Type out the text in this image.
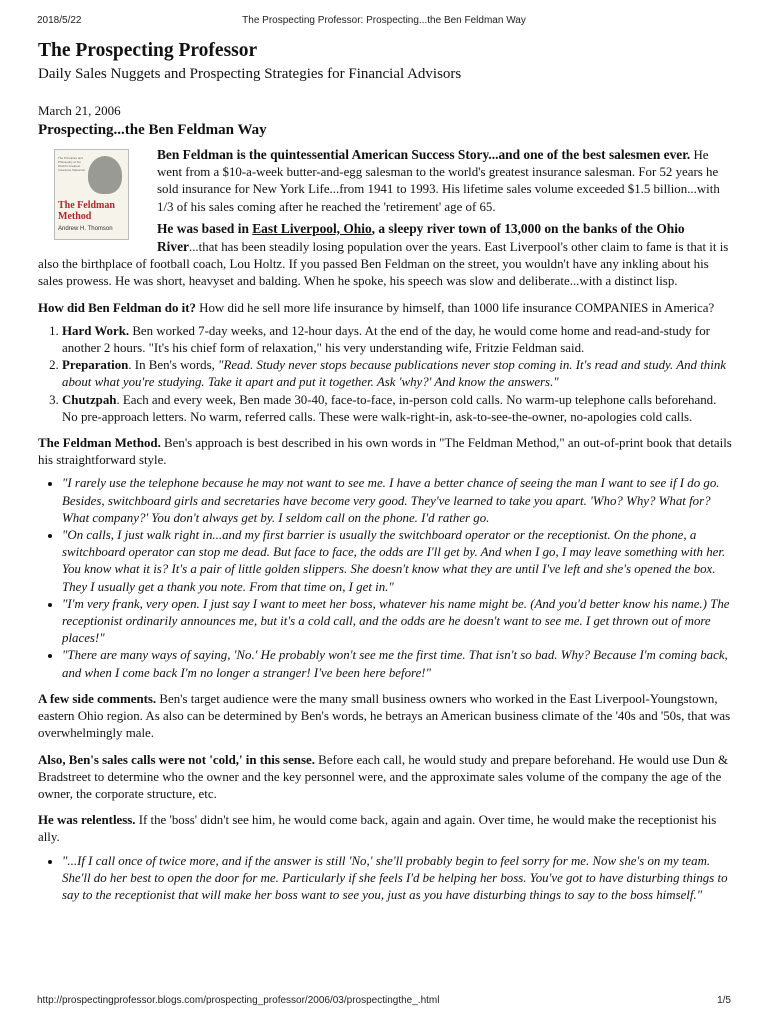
2018/5/22	The Prospecting Professor: Prospecting...the Ben Feldman Way
The Prospecting Professor
Daily Sales Nuggets and Prospecting Strategies for Financial Advisors
March 21, 2006
Prospecting...the Ben Feldman Way
The Principles and Philosophy of the World's Greatest Insurance Salesman
The Feldman Method
Andrew H. Thomson

Ben Feldman is the quintessential American Success Story...and one of the best salesmen ever. He went from a $10-a-week butter-and-egg salesman to the world's greatest insurance salesman. For 52 years he sold insurance for New York Life...from 1941 to 1993. His lifetime sales volume exceeded $1.5 billion...with 1/3 of his sales coming after he reached the 'retirement' age of 65.

He was based in East Liverpool, Ohio, a sleepy river town of 13,000 on the banks of the Ohio River...that has been steadily losing population over the years. East Liverpool's other claim to fame is that it is also the birthplace of football coach, Lou Holtz. If you passed Ben Feldman on the street, you wouldn't have any inkling about his sales prowess. He was short, heavyset and balding. When he spoke, his speech was slow and deliberate...with a distinct lisp.

How did Ben Feldman do it? How did he sell more life insurance by himself, than 1000 life insurance COMPANIES in America?

1. Hard Work. Ben worked 7-day weeks, and 12-hour days. At the end of the day, he would come home and read-and-study for another 2 hours. "It's his chief form of relaxation," his very understanding wife, Fritzie Feldman said.
2. Preparation. In Ben's words, "Read. Study never stops because publications never stop coming in. It's read and study. And think about what you're studying. Take it apart and put it together. Ask 'why?' And know the answers."
3. Chutzpah. Each and every week, Ben made 30-40, face-to-face, in-person cold calls. No warm-up telephone calls beforehand. No pre-approach letters. No warm, referred calls. These were walk-right-in, ask-to-see-the-owner, no-apologies cold calls.

The Feldman Method. Ben's approach is best described in his own words in "The Feldman Method," an out-of-print book that details his straightforward style.

• "I rarely use the telephone because he may not want to see me. I have a better chance of seeing the man I want to see if I do go. Besides, switchboard girls and secretaries have become very good. They've learned to take you apart. 'Who? Why? What for? What company?' You don't always get by. I seldom call on the phone. I'd rather go.
• "On calls, I just walk right in...and my first barrier is usually the switchboard operator or the receptionist. On the phone, a switchboard operator can stop me dead. But face to face, the odds are I'll get by. And when I go, I may leave something with her. You know what it is? It's a pair of little golden slippers. She doesn't know what they are until I've left and she's opened the box. They I usually get a thank you note. From that time on, I get in."
• "I'm very frank, very open. I just say I want to meet her boss, whatever his name might be. (And you'd better know his name.) The receptionist ordinarily announces me, but it's a cold call, and the odds are he doesn't want to see me. I get thrown out of more places!"
• "There are many ways of saying, 'No.' He probably won't see me the first time. That isn't so bad. Why? Because I'm coming back, and when I come back I'm no longer a stranger! I've been here before!"

A few side comments. Ben's target audience were the many small business owners who worked in the East Liverpool-Youngstown, eastern Ohio region. As also can be determined by Ben's words, he betrays an American business climate of the '40s and '50s, that was overwhelmingly male.

Also, Ben's sales calls were not 'cold,' in this sense. Before each call, he would study and prepare beforehand. He would use Dun & Bradstreet to determine who the owner and the key personnel were, and the approximate sales volume of the company the age of the owner, the corporate structure, etc.

He was relentless. If the 'boss' didn't see him, he would come back, again and again. Over time, he would make the receptionist his ally.

• "...If I call once of twice more, and if the answer is still 'No,' she'll probably begin to feel sorry for me. Now she's on my team. She'll do her best to open the door for me. Particularly if she feels I'd be helping her boss. You've got to have disturbing things to say to the receptionist that will make her boss want to see you, just as you have disturbing things to say to the boss himself."
http://prospectingprofessor.blogs.com/prospecting_professor/2006/03/prospectingthe_.html	1/5
